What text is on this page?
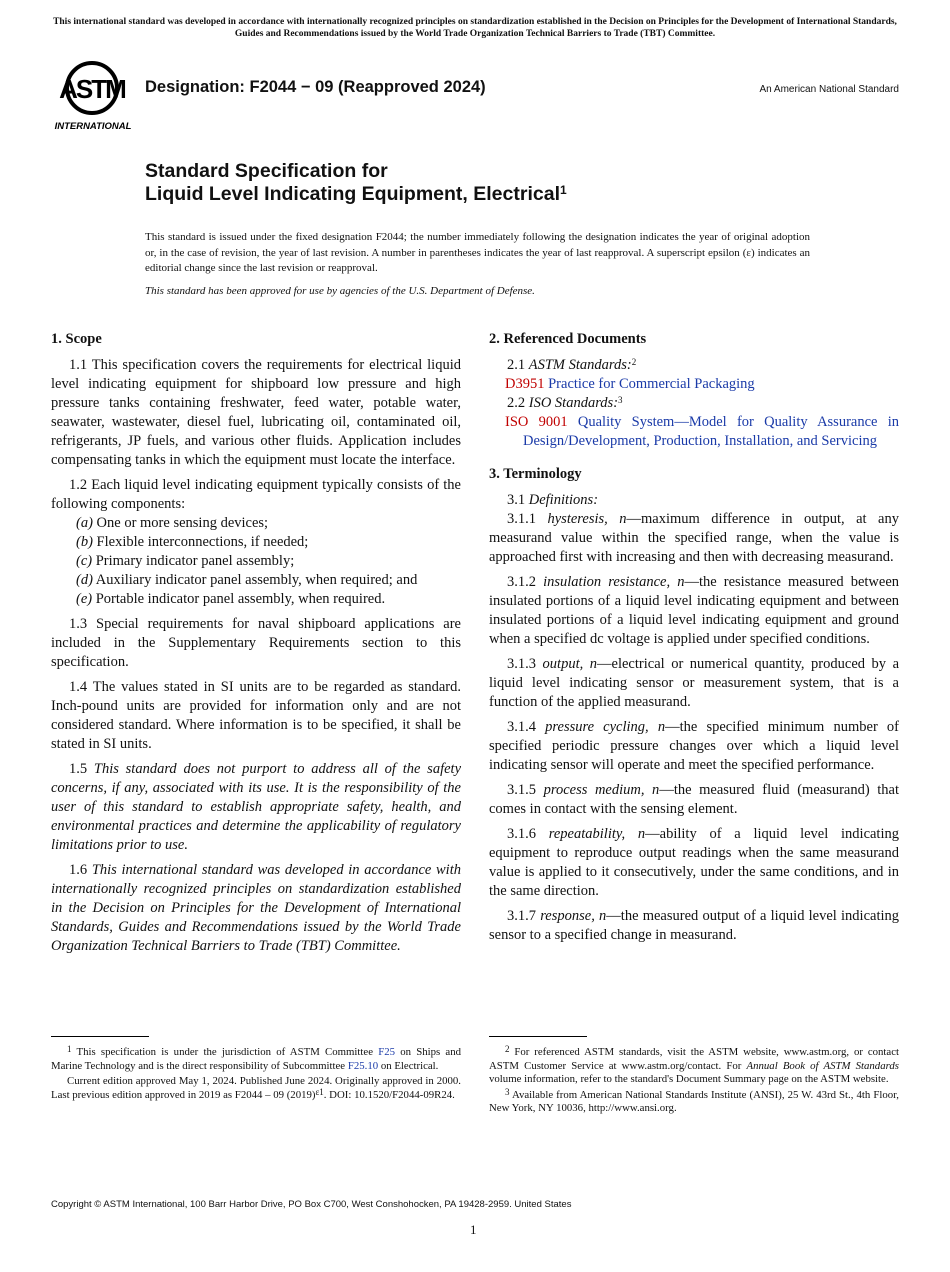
This international standard was developed in accordance with internationally recognized principles on standardization established in the Decision on Principles for the Development of International Standards, Guides and Recommendations issued by the World Trade Organization Technical Barriers to Trade (TBT) Committee.
ASTM
INTERNATIONAL
Designation: F2044 − 09 (Reapproved 2024)	An American National Standard
Standard Specification for
Liquid Level Indicating Equipment, Electrical$^1$
This standard is issued under the fixed designation F2044; the number immediately following the designation indicates the year of original adoption or, in the case of revision, the year of last revision. A number in parentheses indicates the year of last reapproval. A superscript epsilon (ε) indicates an editorial change since the last revision or reapproval.
This standard has been approved for use by agencies of the U.S. Department of Defense.
1. Scope

1.1 This specification covers the requirements for electrical liquid level indicating equipment for shipboard low pressure and high pressure tanks containing freshwater, feed water, potable water, seawater, wastewater, diesel fuel, lubricating oil, contaminated oil, refrigerants, JP fuels, and various other fluids. Application includes compensating tanks in which the equipment must locate the interface.

1.2 Each liquid level indicating equipment typically consists of the following components:

(a) One or more sensing devices;

(b) Flexible interconnections, if needed;

(c) Primary indicator panel assembly;

(d) Auxiliary indicator panel assembly, when required; and

(e) Portable indicator panel assembly, when required.

1.3 Special requirements for naval shipboard applications are included in the Supplementary Requirements section to this specification.

1.4 The values stated in SI units are to be regarded as standard. Inch-pound units are provided for information only and are not considered standard. Where information is to be specified, it shall be stated in SI units.

1.5 This standard does not purport to address all of the safety concerns, if any, associated with its use. It is the responsibility of the user of this standard to establish appropriate safety, health, and environmental practices and determine the applicability of regulatory limitations prior to use.

1.6 This international standard was developed in accordance with internationally recognized principles on standardization established in the Decision on Principles for the Development of International Standards, Guides and Recommendations issued by the World Trade Organization Technical Barriers to Trade (TBT) Committee.

2. Referenced Documents

2.1 ASTM Standards:$^2$

D3951 Practice for Commercial Packaging

2.2 ISO Standards:$^3$

ISO 9001 Quality System—Model for Quality Assurance in Design/Development, Production, Installation, and Servicing

3. Terminology

3.1 Definitions:

3.1.1 hysteresis, n—maximum difference in output, at any measurand value within the specified range, when the value is approached first with increasing and then with decreasing measurand.

3.1.2 insulation resistance, n—the resistance measured between insulated portions of a liquid level indicating equipment and between insulated portions of a liquid level indicating equipment and ground when a specified dc voltage is applied under specified conditions.

3.1.3 output, n—electrical or numerical quantity, produced by a liquid level indicating sensor or measurement system, that is a function of the applied measurand.

3.1.4 pressure cycling, n—the specified minimum number of specified periodic pressure changes over which a liquid level indicating sensor will operate and meet the specified performance.

3.1.5 process medium, n—the measured fluid (measurand) that comes in contact with the sensing element.

3.1.6 repeatability, n—ability of a liquid level indicating equipment to reproduce output readings when the same measurand value is applied to it consecutively, under the same conditions, and in the same direction.

3.1.7 response, n—the measured output of a liquid level indicating sensor to a specified change in measurand.

$^1$ This specification is under the jurisdiction of ASTM Committee F25 on Ships and Marine Technology and is the direct responsibility of Subcommittee F25.10 on Electrical.

Current edition approved May 1, 2024. Published June 2024. Originally approved in 2000. Last previous edition approved in 2019 as F2044 – 09 $(2019)^{\varepsilon 1}$. DOI: 10.1520/F2044-09R24.

$^2$ For referenced ASTM standards, visit the ASTM website, www.astm.org, or contact ASTM Customer Service at www.astm.org/contact. For Annual Book of ASTM Standards volume information, refer to the standard's Document Summary page on the ASTM website.

$^3$ Available from American National Standards Institute (ANSI), 25 W. 43rd St., 4th Floor, New York, NY 10036, http://www.ansi.org.

Copyright © ASTM International, 100 Barr Harbor Drive, PO Box C700, West Conshohocken, PA 19428-2959. United States
1
